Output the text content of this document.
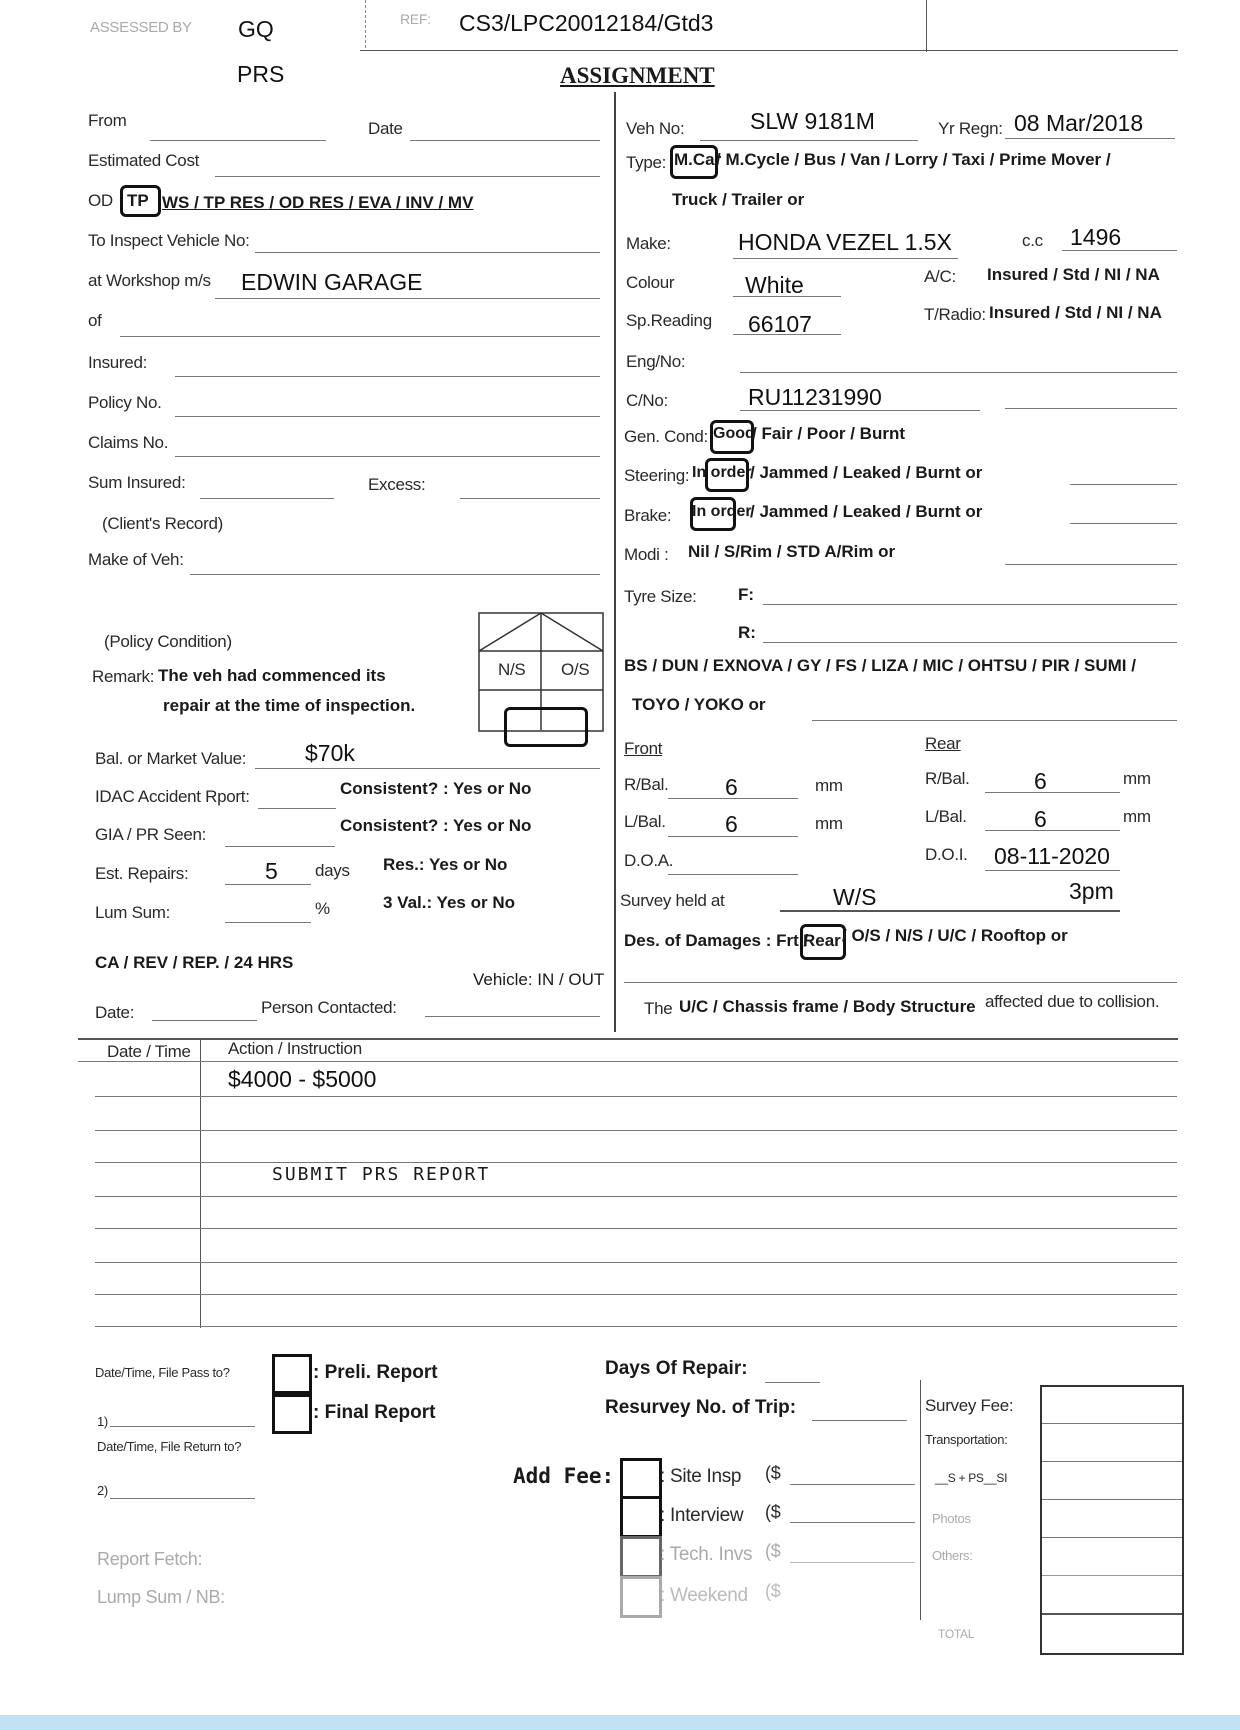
ASSESSED BY GQ	REF: CS3/LPC20012184/Gtd3
PRS	ASSIGNMENT
From	Date
Estimated Cost
OD TP WS / TP RES / OD RES / EVA / INV / MV
To Inspect Vehicle No:
at Workshop m/s EDWIN GARAGE
of
Insured:
Policy No.
Claims No.
Sum Insured:	Excess:
(Client's Record)
Make of Veh:
(Policy Condition)
N/S O/S
Remark: The veh had commenced its
repair at the time of inspection.
Bal. or Market Value:	$70k
IDAC Accident Rport:	Consistent? : Yes or No
GIA / PR Seen:	Consistent? : Yes or No
Est. Repairs:	5 days Res.: Yes or No
Lum Sum:	%	3 Val.: Yes or No
CA / REV / REP. / 24 HRS
Vehicle: IN / OUT
Date:	Person Contacted:
Veh No:	SLW 9181M	Yr Regn: 08 Mar/2018
Type: M.Car
/ M.Cycle / Bus / Van / Lorry / Taxi / Prime Mover /
Truck / Trailer or
Make:	HONDA VEZEL 1.5X	c.c 1496
Colour	White	A/C: Insured / Std / NI / NA
Sp.Reading 66107	T/Radio: Insured / Std / NI / NA
Eng/No:
C/No:	RU11231990
Gen. Cond: Good
/ Fair / Poor / Burnt
Steering: In order
/ Jammed / Leaked / Burnt or
Brake: In order
/ Jammed / Leaked / Burnt or
Modi : Nil / S/Rim / STD A/Rim or
Tyre Size: F:
R:
BS / DUN / EXNOVA / GY / FS / LIZA / MIC / OHTSU / PIR / SUMI /
TOYO / YOKO or
Front	Rear
R/Bal. 6	mm	R/Bal.	6	mm
L/Bal.	6	mm	L/Bal.	6	mm
D.O.A.	D.O.I. 08-11-2020
Survey held at	W/S	3pm
Des. of Damages : Frt /
Rear / O/S / N/S / U/C / Rooftop or
The U/C / Chassis frame / Body Structure affected due to collision.
Date / Time Action / Instruction
$4000 - $5000
SUBMIT PRS REPORT
Date/Time, File Pass to?
1)
Date/Time, File Return to?
2)
Report Fetch:
Lump Sum / NB:
: Preli. Report
: Final Report
Days Of Repair:
Resurvey No. of Trip:
Add Fee: : Site Insp ($
: Interview ($
: Tech. Invs ($
: Weekend ($
Survey Fee:
Transportation:
__S + PS__SI
Photos
Others:
TOTAL
